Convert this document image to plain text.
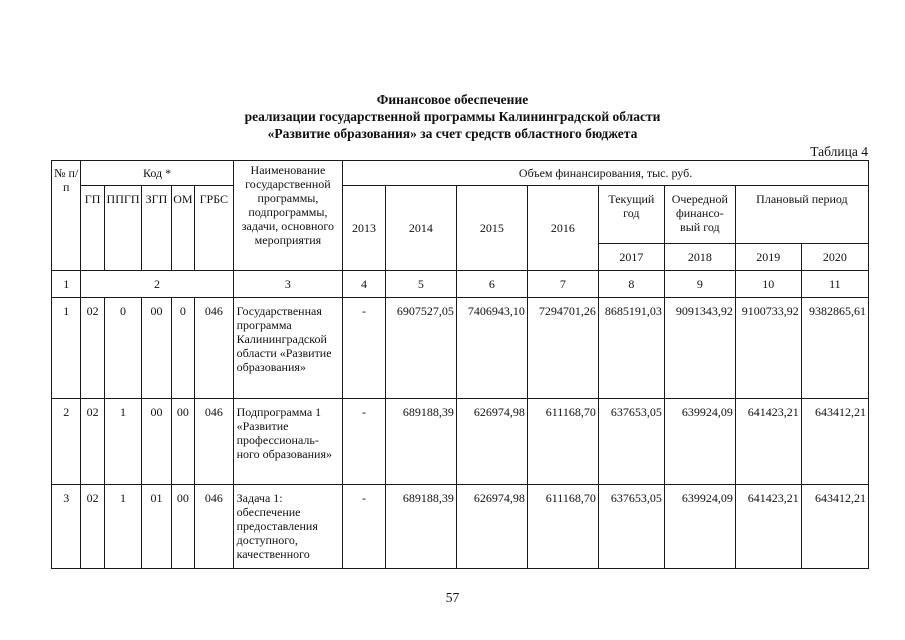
Финансовое обеспечение
реализации государственной программы Калининградской области
«Развитие образования» за счет средств областного бюджета
Таблица 4
№ п/п	Код *					Наименование государственной программы, подпрограммы, задачи, основного мероприятия	Объем финансирования, тыс. руб.							
	ГП	ППГП	ЗГП	ОМ	ГРБС		2013	2014	2015	2016	Текущий год	Очередной финансо-вый год	Плановый период	
											2017	2018	2019	2020
1	2					3	4	5	6	7	8	9	10	11
1	02	0	00	0	046	Государственная программа Калининградской области «Развитие образования»	-	6907527,05	7406943,10	7294701,26	8685191,03	9091343,92	9100733,92	9382865,61
2	02	1	00	00	046	Подпрограмма 1 «Развитие профессиональ-ного образования»	-	689188,39	626974,98	611168,70	637653,05	639924,09	641423,21	643412,21
3	02	1	01	00	046	Задача 1: обеспечение предоставления доступного, качественного	-	689188,39	626974,98	611168,70	637653,05	639924,09	641423,21	643412,21
57
